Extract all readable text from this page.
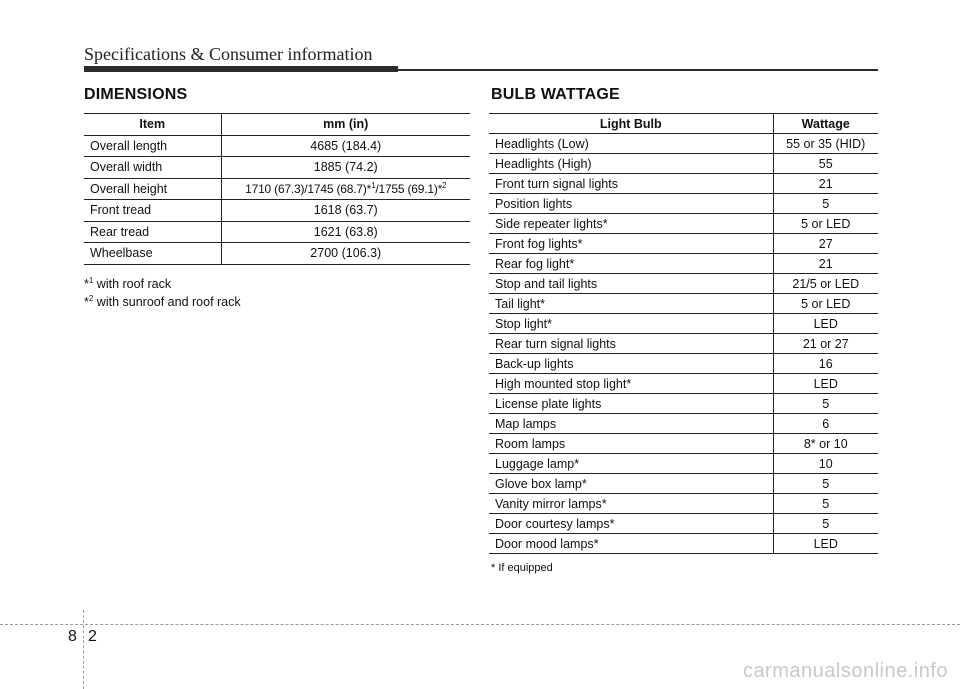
Specifications & Consumer information
DIMENSIONS
Item	mm (in)
Overall length	4685 (184.4)
Overall width	1885 (74.2)
Overall height	1710 (67.3)/1745 (68.7)*$^1$/1755 (69.1)*$^2$
Front tread	1618 (63.7)
Rear tread	1621 (63.8)
Wheelbase	2700 (106.3)
*$^1$ with roof rack
*$^2$ with sunroof and roof rack
BULB WATTAGE
Light Bulb	Wattage
Headlights (Low)	55 or 35 (HID)
Headlights (High)	55
Front turn signal lights	21
Position lights	5
Side repeater lights*	5 or LED
Front fog lights*	27
Rear fog light*	21
Stop and tail lights	21/5 or LED
Tail light*	5 or LED
Stop light*	LED
Rear turn signal lights	21 or 27
Back-up lights	16
High mounted stop light*	LED
License plate lights	5
Map lamps	6
Room lamps	8* or 10
Luggage lamp*	10
Glove box lamp*	5
Vanity mirror lamps*	5
Door courtesy lamps*	5
Door mood lamps*	LED
* If equipped
8 2
carmanualsonline.info
